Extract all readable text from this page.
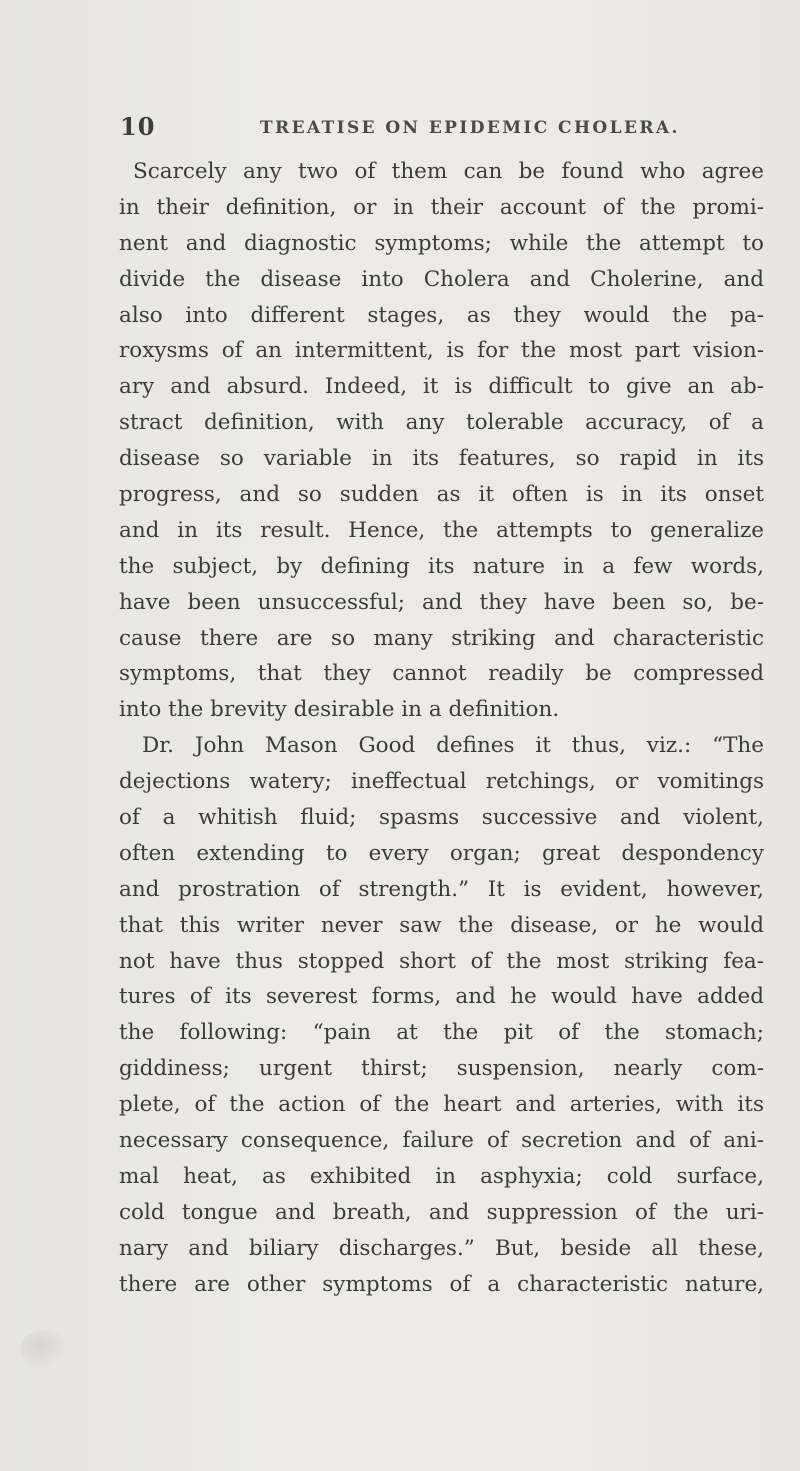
10	TREATISE ON EPIDEMIC CHOLERA.
Scarcely any two of them can be found who agree
in their definition, or in their account of the promi-
nent and diagnostic symptoms; while the attempt to
divide the disease into Cholera and Cholerine, and
also into different stages, as they would the pa-
roxysms of an intermittent, is for the most part vision-
ary and absurd. Indeed, it is difficult to give an ab-
stract definition, with any tolerable accuracy, of a
disease so variable in its features, so rapid in its
progress, and so sudden as it often is in its onset
and in its result. Hence, the attempts to generalize
the subject, by defining its nature in a few words,
have been unsuccessful; and they have been so, be-
cause there are so many striking and characteristic
symptoms, that they cannot readily be compressed
into the brevity desirable in a definition.
Dr. John Mason Good defines it thus, viz.: “The
dejections watery; ineffectual retchings, or vomitings
of a whitish fluid; spasms successive and violent,
often extending to every organ; great despondency
and prostration of strength.” It is evident, however,
that this writer never saw the disease, or he would
not have thus stopped short of the most striking fea-
tures of its severest forms, and he would have added
the following: “pain at the pit of the stomach;
giddiness; urgent thirst; suspension, nearly com-
plete, of the action of the heart and arteries, with its
necessary consequence, failure of secretion and of ani-
mal heat, as exhibited in asphyxia; cold surface,
cold tongue and breath, and suppression of the uri-
nary and biliary discharges.” But, beside all these,
there are other symptoms of a characteristic nature,
